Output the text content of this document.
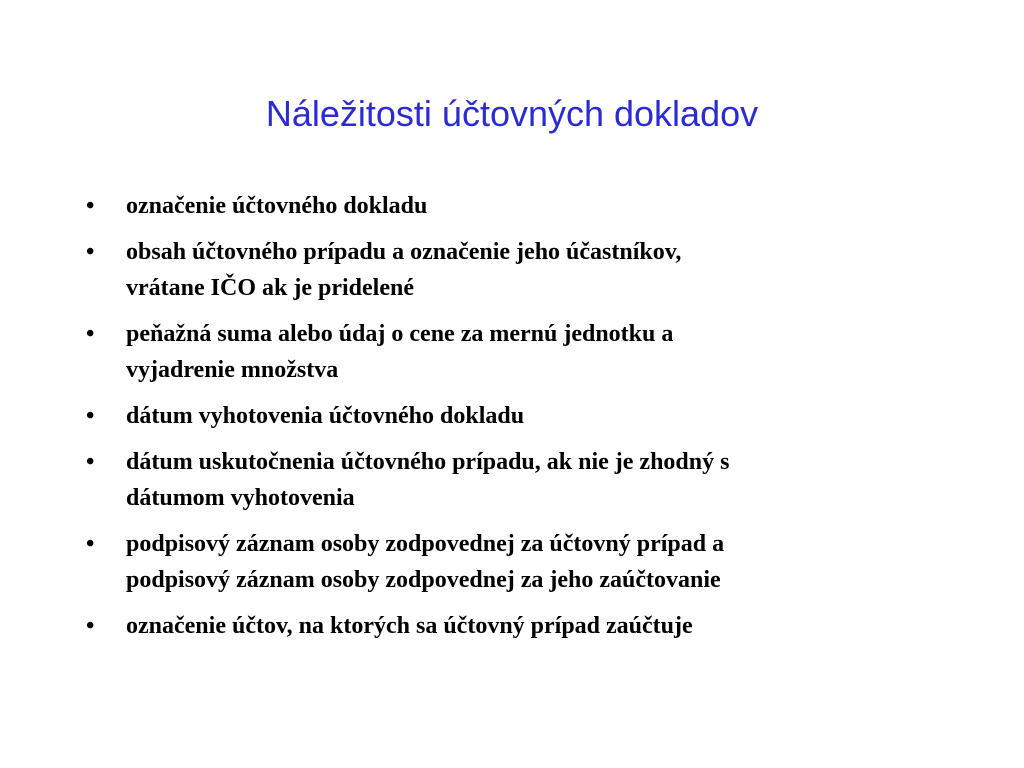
Náležitosti účtovných dokladov
•	označenie účtovného dokladu
•	obsah účtovného prípadu a označenie jeho účastníkov,
vrátane IČO ak je pridelené
•	peňažná suma alebo údaj o cene za mernú jednotku a
vyjadrenie množstva
•	dátum vyhotovenia účtovného dokladu
•	dátum uskutočnenia účtovného prípadu, ak nie je zhodný s
dátumom vyhotovenia
•	podpisový záznam osoby zodpovednej za účtovný prípad a
podpisový záznam osoby zodpovednej za jeho zaúčtovanie
•	označenie účtov, na ktorých sa účtovný prípad zaúčtuje
